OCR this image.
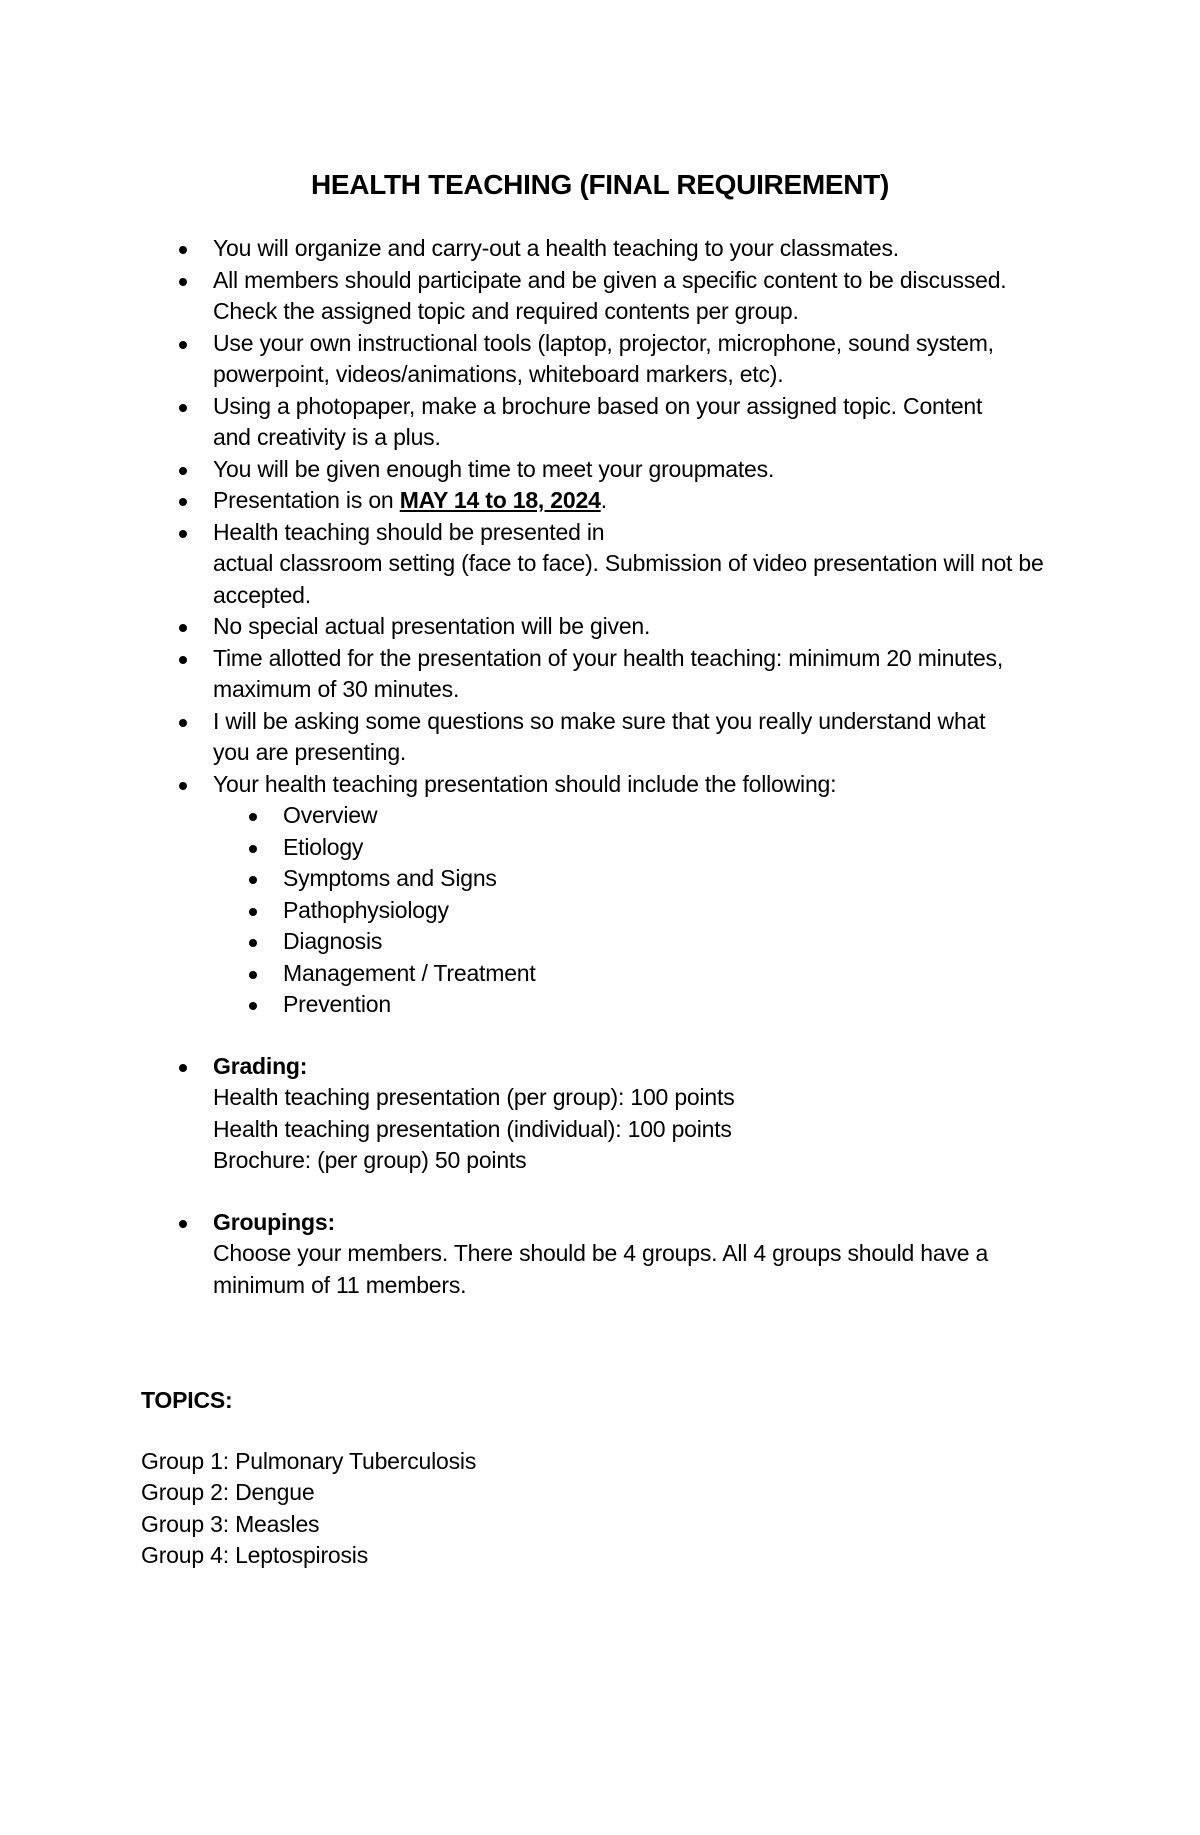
HEALTH TEACHING (FINAL REQUIREMENT)
You will organize and carry-out a health teaching to your classmates.
All members should participate and be given a specific content to be discussed. Check the assigned topic and required contents per group.
Use your own instructional tools (laptop, projector, microphone, sound system, powerpoint, videos/animations, whiteboard markers, etc).
Using a photopaper, make a brochure based on your assigned topic. Content and creativity is a plus.
You will be given enough time to meet your groupmates.
Presentation is on MAY 14 to 18, 2024.
Health teaching should be presented in
actual classroom setting (face to face). Submission of video presentation will not be accepted.
No special actual presentation will be given.
Time allotted for the presentation of your health teaching: minimum 20 minutes, maximum of 30 minutes.
I will be asking some questions so make sure that you really understand what you are presenting.
Your health teaching presentation should include the following:
Overview
Etiology
Symptoms and Signs
Pathophysiology
Diagnosis
Management / Treatment
Prevention
Grading:
Health teaching presentation (per group): 100 points
Health teaching presentation (individual): 100 points
Brochure: (per group) 50 points
Groupings:
Choose your members. There should be 4 groups. All 4 groups should have a minimum of 11 members.
TOPICS:
Group 1: Pulmonary Tuberculosis
Group 2: Dengue
Group 3: Measles
Group 4: Leptospirosis
